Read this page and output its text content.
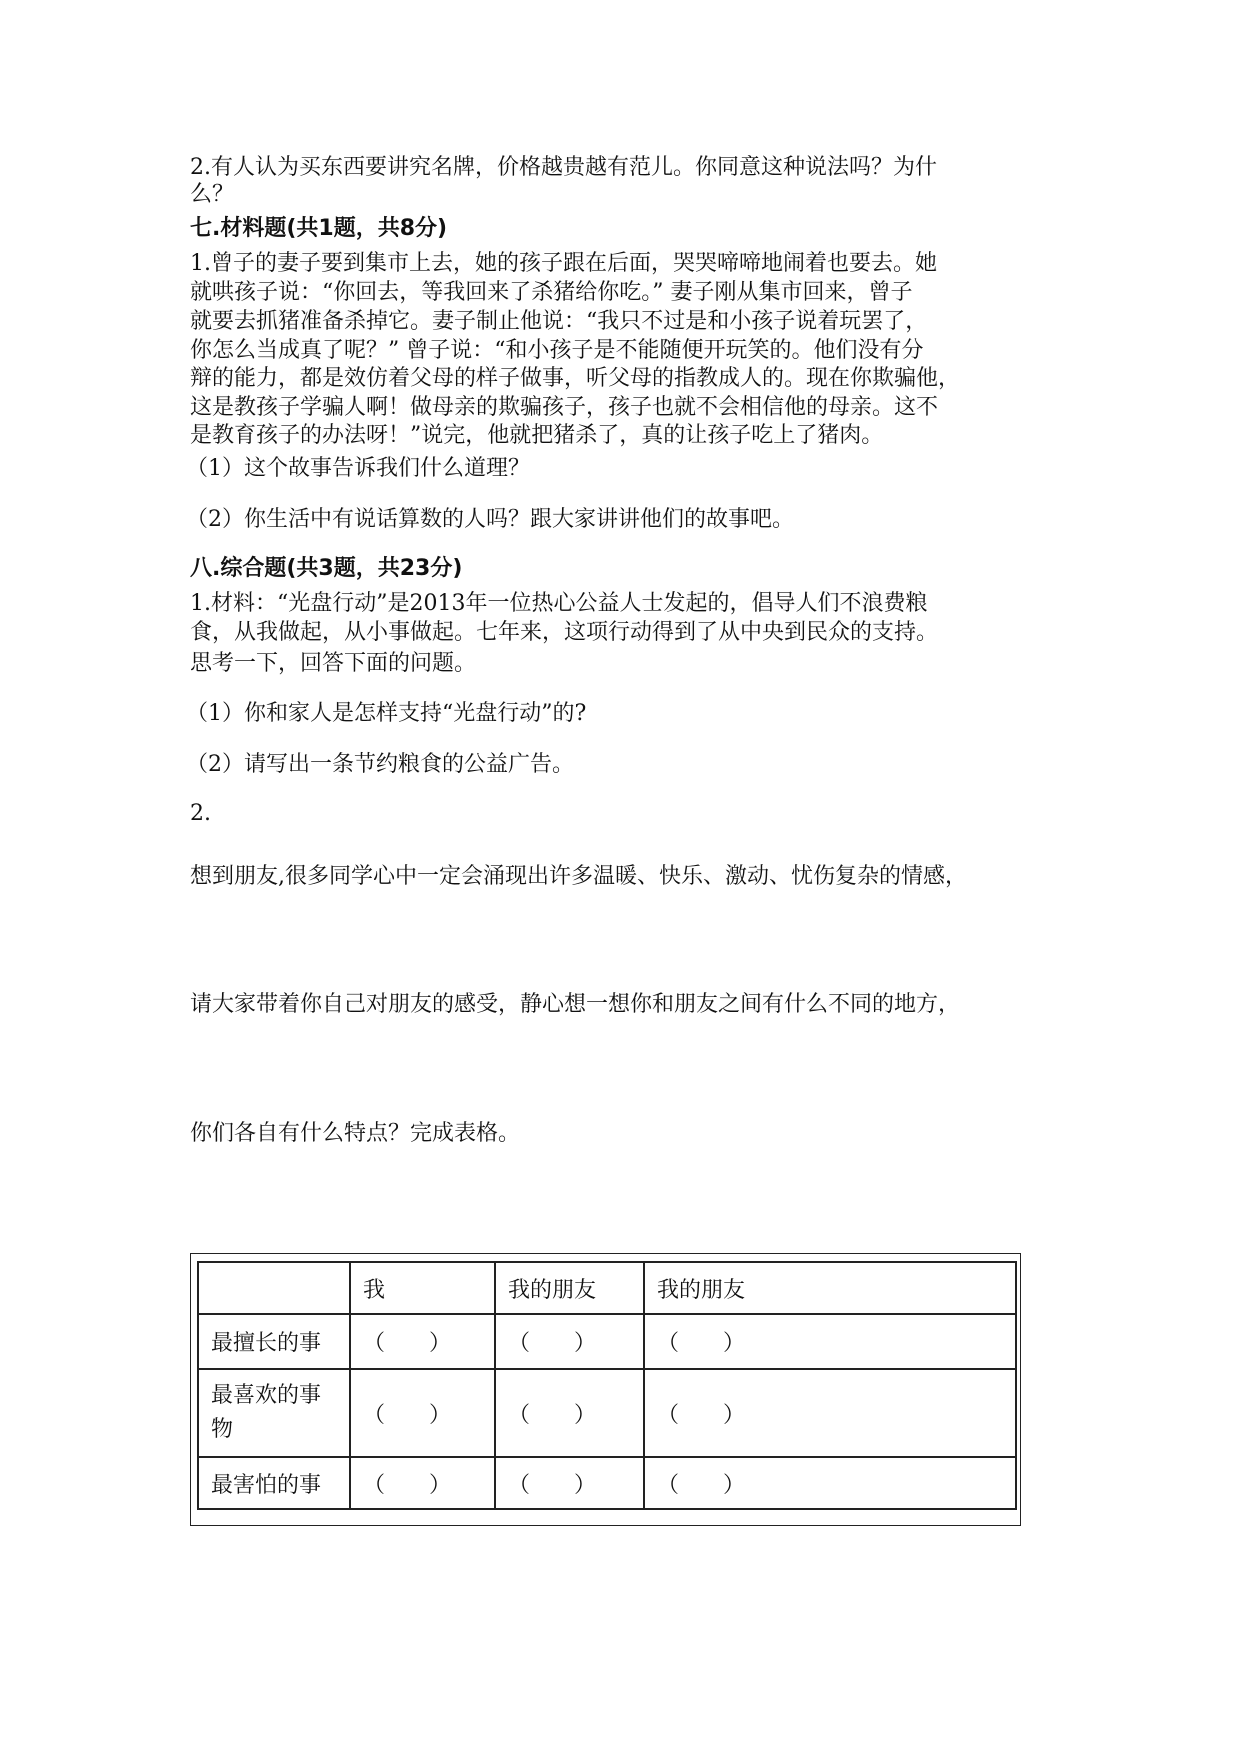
2.有人认为买东西要讲究名牌，价格越贵越有范儿。你同意这种说法吗？为什
么？
七.材料题(共1题，共8分)
1.曾子的妻子要到集市上去，她的孩子跟在后面，哭哭啼啼地闹着也要去。她
就哄孩子说：“你回去，等我回来了杀猪给你吃。” 妻子刚从集市回来，曾子
就要去抓猪准备杀掉它。妻子制止他说：“我只不过是和小孩子说着玩罢了，
你怎么当成真了呢？” 曾子说：“和小孩子是不能随便开玩笑的。他们没有分
辩的能力，都是效仿着父母的样子做事，听父母的指教成人的。现在你欺骗他，
这是教孩子学骗人啊！做母亲的欺骗孩子，孩子也就不会相信他的母亲。这不
是教育孩子的办法呀！”说完，他就把猪杀了，真的让孩子吃上了猪肉。
（1）这个故事告诉我们什么道理？
（2）你生活中有说话算数的人吗？跟大家讲讲他们的故事吧。
八.综合题(共3题，共23分)
1.材料：“光盘行动”是2013年一位热心公益人士发起的，倡导人们不浪费粮
食，从我做起，从小事做起。七年来，这项行动得到了从中央到民众的支持。
思考一下，回答下面的问题。
（1）你和家人是怎样支持“光盘行动”的?
（2）请写出一条节约粮食的公益广告。
2.
想到朋友,很多同学心中一定会涌现出许多温暖、快乐、激动、忧伤复杂的情感，
请大家带着你自己对朋友的感受，静心想一想你和朋友之间有什么不同的地方，
你们各自有什么特点？完成表格。
	我	我的朋友	我的朋友
最擅长的事	（　　）	（　　）	（　　）
最喜欢的事物	（　　）	（　　）	（　　）
最害怕的事	（　　）	（　　）	（　　）
